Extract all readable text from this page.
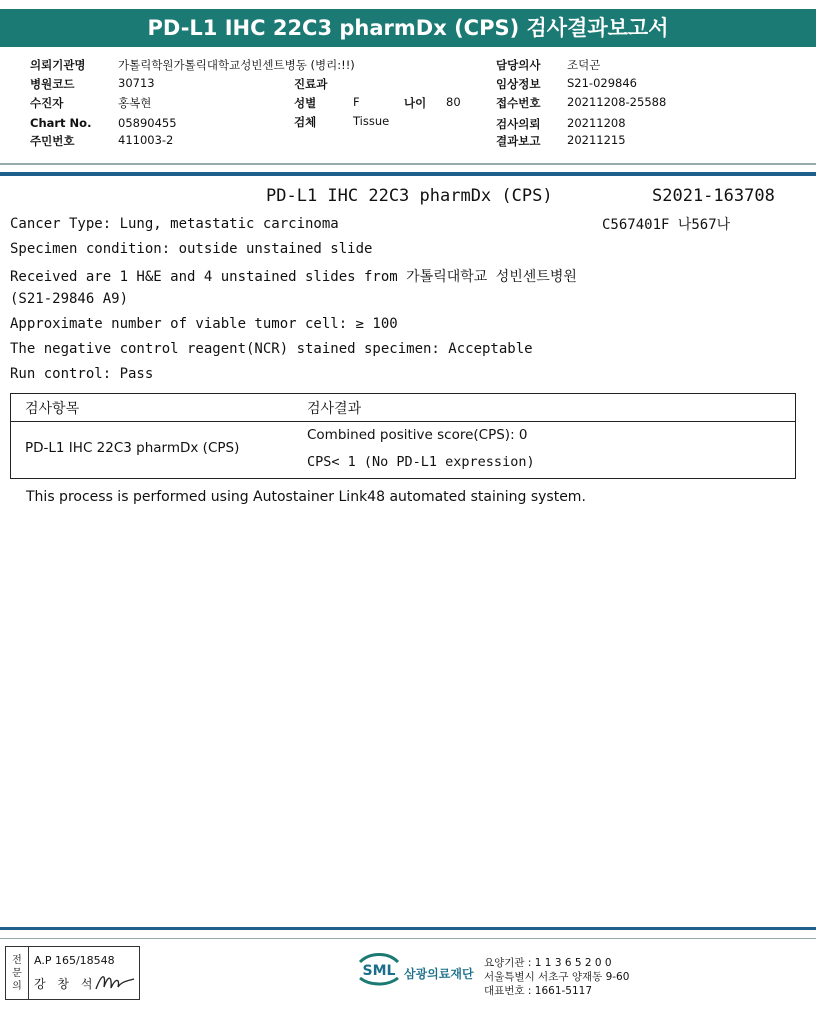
PD-L1 IHC 22C3 pharmDx (CPS) 검사결과보고서
의뢰기관명	가톨릭학원가톨릭대학교성빈센트병동 (병리:!!)
병원코드	30713
수진자	홍복현
Chart No. 05890455
주민번호	411003-2
진료과
성별	F	나이 80
검체	Tissue
담당의사 조덕곤
임상정보 S21-029846
접수번호 20211208-25588
검사의뢰 20211208
결과보고 20211215
PD-L1 IHC 22C3 pharmDx (CPS)	S2021-163708
C567401F 나567나
Cancer Type: Lung, metastatic carcinoma
Specimen condition: outside unstained slide
Received are 1 H&E and 4 unstained slides from 가톨릭대학교 성빈센트병원
(S21-29846 A9)
Approximate number of viable tumor cell: ≥ 100
The negative control reagent(NCR) stained specimen: Acceptable
Run control: Pass
검사항목	검사결과
PD-L1 IHC 22C3 pharmDx (CPS)
Combined positive score(CPS): 0
CPS< 1 (No PD-L1 expression)
This process is performed using Autostainer Link48 automated staining system.
전
문
의
A.P 165/18548
강 창 석
SML 삼광의료재단
요양기관 : 1 1 3 6 5 2 0 0
서울특별시 서초구 양재동 9-60
대표번호 : 1661-5117
